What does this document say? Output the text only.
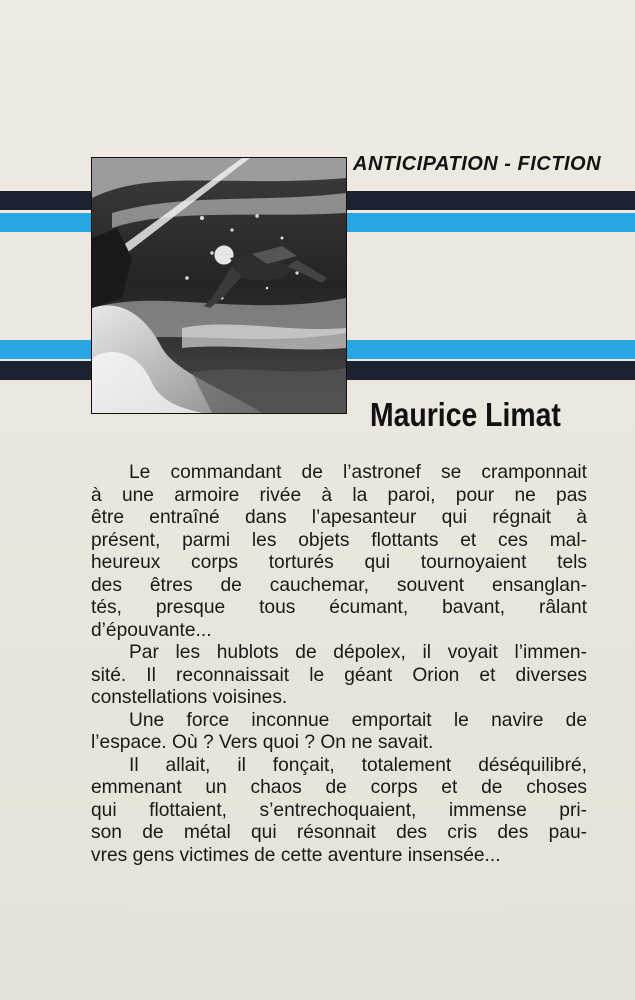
ANTICIPATION - FICTION
Maurice Limat
Le commandant de l’astronef se cramponnait
à une armoire rivée à la paroi, pour ne pas
être entraîné dans l’apesanteur qui régnait à
présent, parmi les objets flottants et ces mal-
heureux corps torturés qui tournoyaient tels
des êtres de cauchemar, souvent ensanglan-
tés, presque tous écumant, bavant, râlant
d’épouvante...
Par les hublots de dépolex, il voyait l’immen-
sité. Il reconnaissait le géant Orion et diverses
constellations voisines.
Une force inconnue emportait le navire de
l’espace. Où ? Vers quoi ? On ne savait.
Il allait, il fonçait, totalement déséquilibré,
emmenant un chaos de corps et de choses
qui flottaient, s’entrechoquaient, immense pri-
son de métal qui résonnait des cris des pau-
vres gens victimes de cette aventure insensée...
